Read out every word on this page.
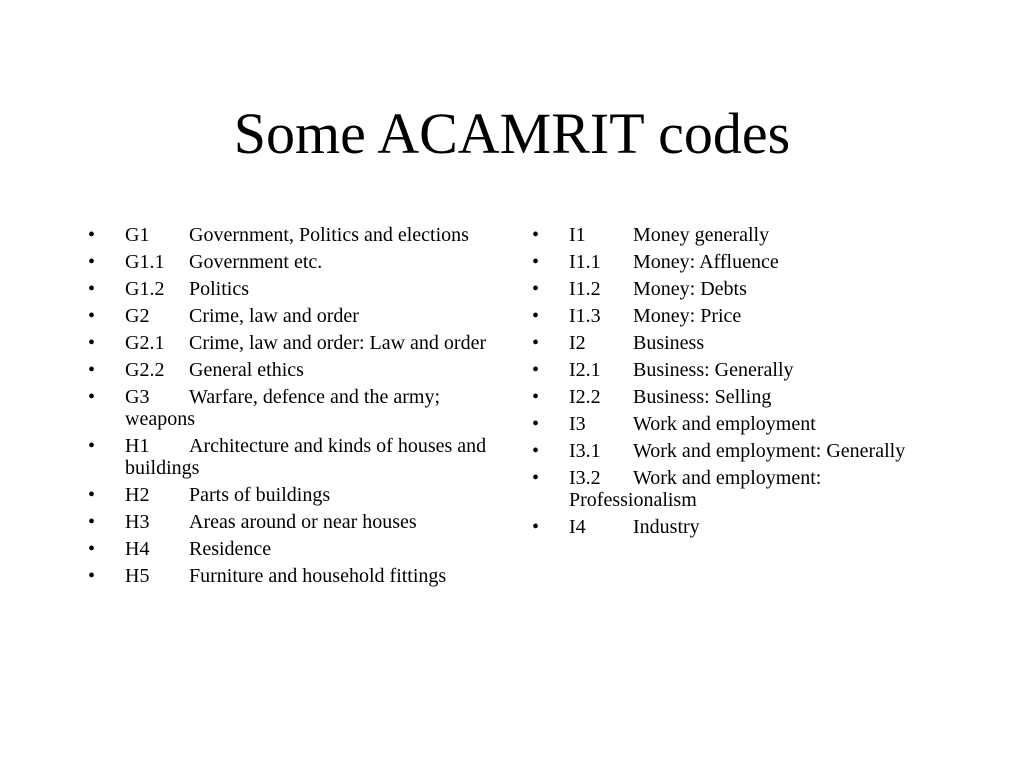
Some ACAMRIT codes
• G1 Government, Politics and elections
• G1.1 Government etc.
• G1.2 Politics
• G2 Crime, law and order
• G2.1 Crime, law and order: Law and order
• G2.2 General ethics
• G3 Warfare, defence and the army; weapons
• H1 Architecture and kinds of houses and buildings
• H2 Parts of buildings
• H3 Areas around or near houses
• H4 Residence
• H5 Furniture and household fittings
• I1 Money generally
• I1.1 Money: Affluence
• I1.2 Money: Debts
• I1.3 Money: Price
• I2 Business
• I2.1 Business: Generally
• I2.2 Business: Selling
• I3 Work and employment
• I3.1 Work and employment: Generally
• I3.2 Work and employment: Professionalism
• I4 Industry
